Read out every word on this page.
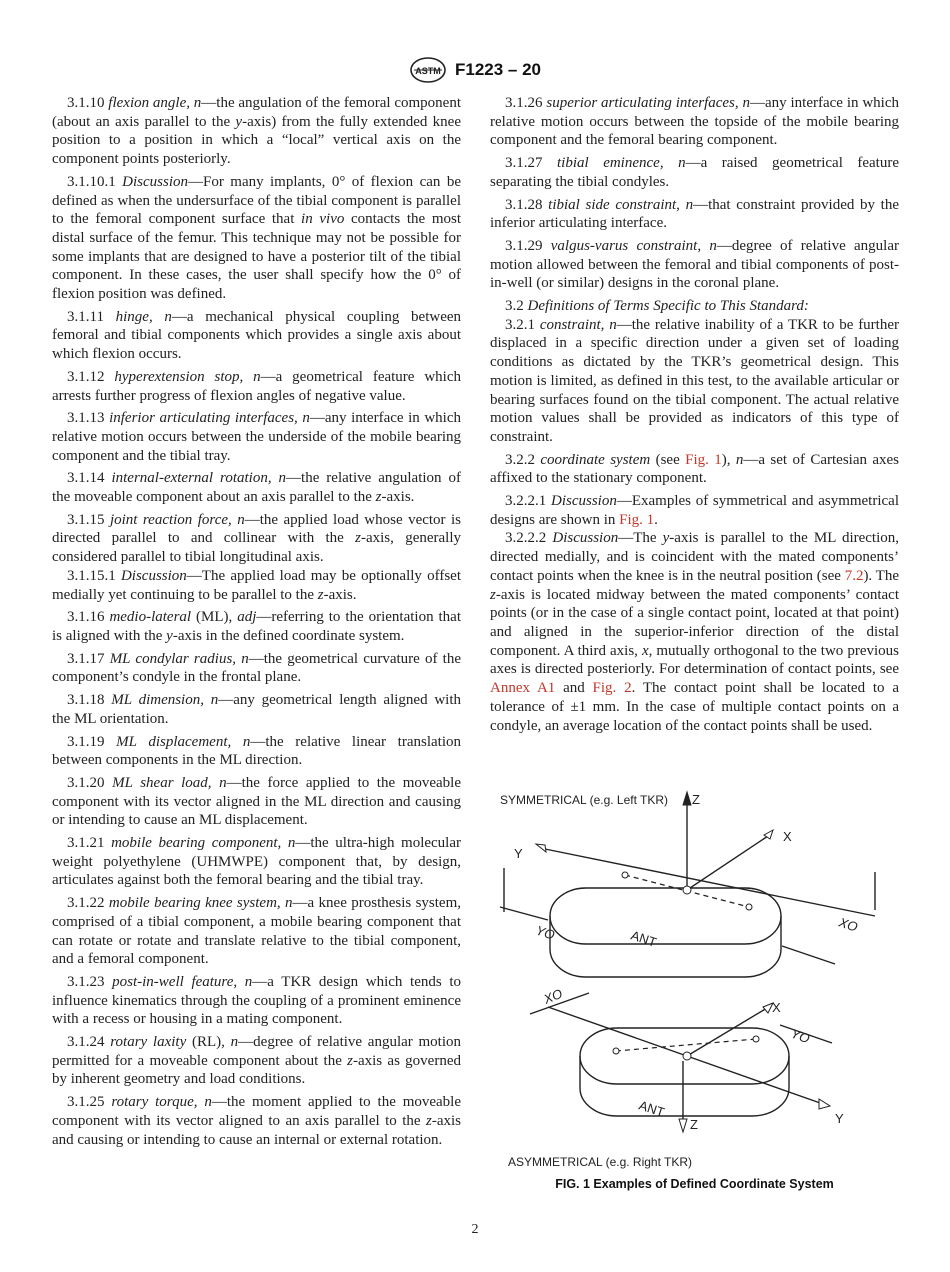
ASTM F1223 – 20

3.1.10 flexion angle, n—the angulation of the femoral component (about an axis parallel to the y-axis) from the fully extended knee position to a position in which a “local” vertical axis on the component points posteriorly.

3.1.10.1 Discussion—For many implants, 0° of flexion can be defined as when the undersurface of the tibial component is parallel to the femoral component surface that in vivo contacts the most distal surface of the femur. This technique may not be possible for some implants that are designed to have a posterior tilt of the tibial component. In these cases, the user shall specify how the 0° of flexion position was defined.

3.1.11 hinge, n—a mechanical physical coupling between femoral and tibial components which provides a single axis about which flexion occurs.

3.1.12 hyperextension stop, n—a geometrical feature which arrests further progress of flexion angles of negative value.

3.1.13 inferior articulating interfaces, n—any interface in which relative motion occurs between the underside of the mobile bearing component and the tibial tray.

3.1.14 internal-external rotation, n—the relative angulation of the moveable component about an axis parallel to the z-axis.

3.1.15 joint reaction force, n—the applied load whose vector is directed parallel to and collinear with the z-axis, generally considered parallel to tibial longitudinal axis.

3.1.15.1 Discussion—The applied load may be optionally offset medially yet continuing to be parallel to the z-axis.

3.1.16 medio-lateral (ML), adj—referring to the orientation that is aligned with the y-axis in the defined coordinate system.

3.1.17 ML condylar radius, n—the geometrical curvature of the component’s condyle in the frontal plane.

3.1.18 ML dimension, n—any geometrical length aligned with the ML orientation.

3.1.19 ML displacement, n—the relative linear translation between components in the ML direction.

3.1.20 ML shear load, n—the force applied to the moveable component with its vector aligned in the ML direction and causing or intending to cause an ML displacement.

3.1.21 mobile bearing component, n—the ultra-high molecular weight polyethylene (UHMWPE) component that, by design, articulates against both the femoral bearing and the tibial tray.

3.1.22 mobile bearing knee system, n—a knee prosthesis system, comprised of a tibial component, a mobile bearing component that can rotate or rotate and translate relative to the tibial component, and a femoral component.

3.1.23 post-in-well feature, n—a TKR design which tends to influence kinematics through the coupling of a prominent eminence with a recess or housing in a mating component.

3.1.24 rotary laxity (RL), n—degree of relative angular motion permitted for a moveable component about the z-axis as governed by inherent geometry and load conditions.

3.1.25 rotary torque, n—the moment applied to the moveable component with its vector aligned to an axis parallel to the z-axis and causing or intending to cause an internal or external rotation.

3.1.26 superior articulating interfaces, n—any interface in which relative motion occurs between the topside of the mobile bearing component and the femoral bearing component.

3.1.27 tibial eminence, n—a raised geometrical feature separating the tibial condyles.

3.1.28 tibial side constraint, n—that constraint provided by the inferior articulating interface.

3.1.29 valgus-varus constraint, n—degree of relative angular motion allowed between the femoral and tibial components of post-in-well (or similar) designs in the coronal plane.

3.2 Definitions of Terms Specific to This Standard:

3.2.1 constraint, n—the relative inability of a TKR to be further displaced in a specific direction under a given set of loading conditions as dictated by the TKR’s geometrical design. This motion is limited, as defined in this test, to the available articular or bearing surfaces found on the tibial component. The actual relative motion values shall be provided as indicators of this type of constraint.

3.2.2 coordinate system (see Fig. 1), n—a set of Cartesian axes affixed to the stationary component.

3.2.2.1 Discussion—Examples of symmetrical and asymmetrical designs are shown in Fig. 1.

3.2.2.2 Discussion—The y-axis is parallel to the ML direction, directed medially, and is coincident with the mated components’ contact points when the knee is in the neutral position (see 7.2). The z-axis is located midway between the mated components’ contact points (or in the case of a single contact point, located at that point) and aligned in the superior-inferior direction of the distal component. A third axis, x, mutually orthogonal to the two previous axes is directed posteriorly. For determination of contact points, see Annex A1 and Fig. 2. The contact point shall be located to a tolerance of ±1 mm. In the case of multiple contact points on a condyle, an average location of the contact points shall be used.

SYMMETRICAL (e.g. Left TKR) Z
X
Y
ANT
YO	XO
XO
X
YO
ANT
Z	Y
ASYMMETRICAL (e.g. Right TKR)
FIG. 1 Examples of Defined Coordinate System
2
